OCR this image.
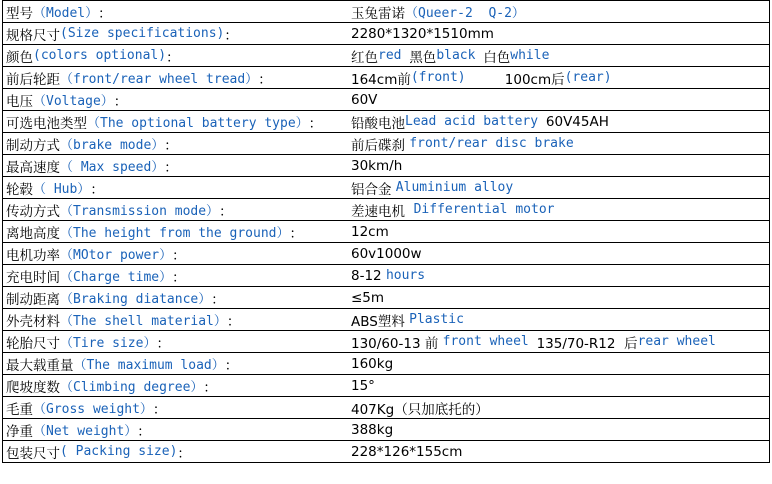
型号 （Model） ：	玉兔雷诺 （Queer-2  Q-2）
规格尺寸 (Size specifications) ：	2280*1320*1510mm
颜色 (colors optional) ：	红色 red 黑色 black 白色 while
前后轮距 （front/rear wheel tread） ：	164cm前 (front) 100cm后 (rear)
电压 （Voltage） ：	60V
可选电池类型 （The optional battery type） ： 铅酸电池 Lead acid battery 60V45AH
制动方式 （brake mode） ：	前后碟刹 front/rear disc brake
最高速度 （ Max speed） ：	30km/h
轮毂 （ Hub） ：	铝合金 Aluminium alloy
传动方式 （Transmission mode） ：	差速电机 Differential motor
离地高度 （The height from the ground） ：	12cm
电机功率 （MOtor power） ：	60v1000w
充电时间 （Charge time） ：	8-12 hours
制动距离 （Braking diatance） ：	≤5m
外壳材料 （The shell material） ：	ABS塑料 Plastic
轮胎尺寸 （Tire size） ：	130/60-13 前 front wheel 135/70-R12  后 rear wheel
最大载重量 （The maximum load） ：	160kg
爬坡度数 （Climbing degree） ：	15°
毛重 （Gross weight） ：	407Kg（只加底托的）
净重 （Net weight） ：	388kg
包装尺寸 ( Packing size) ：	228*126*155cm
